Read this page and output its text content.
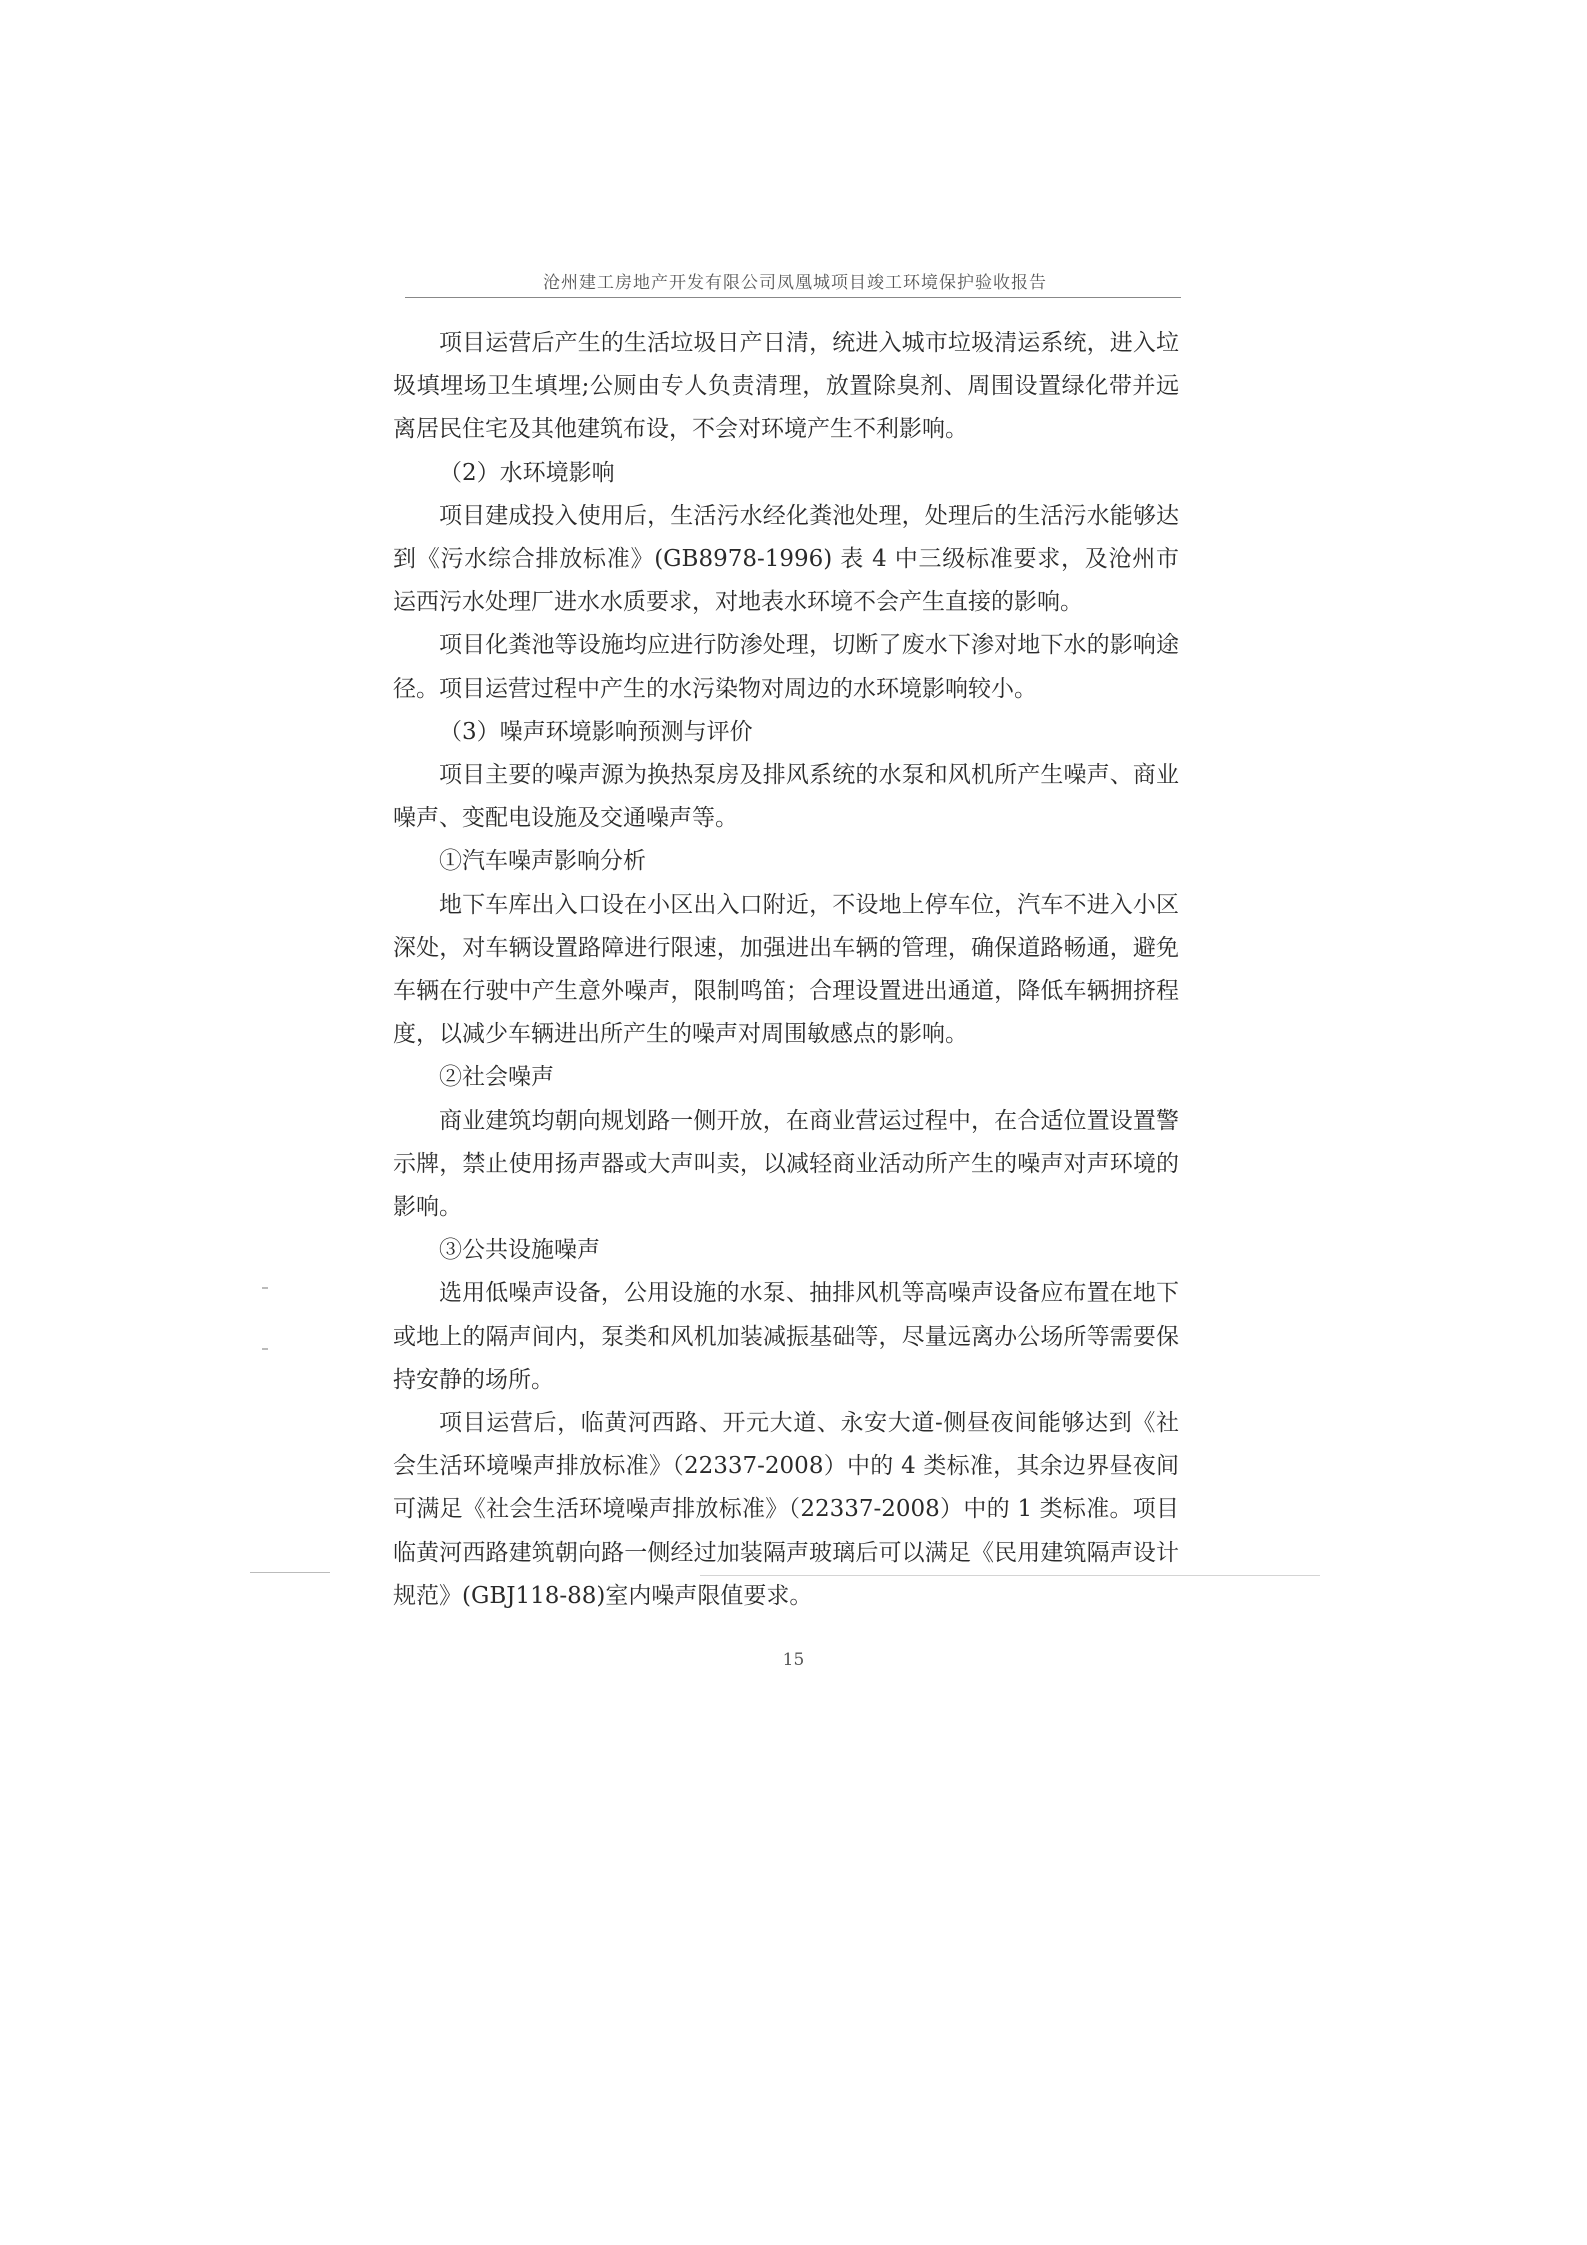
沧州建工房地产开发有限公司凤凰城项目竣工环境保护验收报告

项目运营后产生的生活垃圾日产日清，统进入城市垃圾清运系统，进入垃圾填埋场卫生填埋;公厕由专人负责清理，放置除臭剂、周围设置绿化带并远离居民住宅及其他建筑布设，不会对环境产生不利影响。

（2）水环境影响

项目建成投入使用后，生活污水经化粪池处理，处理后的生活污水能够达到《污水综合排放标准》(GB8978-1996) 表 4 中三级标准要求，及沧州市运西污水处理厂进水水质要求，对地表水环境不会产生直接的影响。

项目化粪池等设施均应进行防渗处理，切断了废水下渗对地下水的影响途径。项目运营过程中产生的水污染物对周边的水环境影响较小。

（3）噪声环境影响预测与评价

项目主要的噪声源为换热泵房及排风系统的水泵和风机所产生噪声、商业噪声、变配电设施及交通噪声等。

①汽车噪声影响分析

地下车库出入口设在小区出入口附近，不设地上停车位，汽车不进入小区深处，对车辆设置路障进行限速，加强进出车辆的管理，确保道路畅通，避免车辆在行驶中产生意外噪声，限制鸣笛；合理设置进出通道，降低车辆拥挤程度，以减少车辆进出所产生的噪声对周围敏感点的影响。

②社会噪声

商业建筑均朝向规划路一侧开放，在商业营运过程中，在合适位置设置警示牌，禁止使用扬声器或大声叫卖，以减轻商业活动所产生的噪声对声环境的影响。

③公共设施噪声

选用低噪声设备，公用设施的水泵、抽排风机等高噪声设备应布置在地下或地上的隔声间内，泵类和风机加装减振基础等，尽量远离办公场所等需要保持安静的场所。

项目运营后，临黄河西路、开元大道、永安大道-侧昼夜间能够达到《社会生活环境噪声排放标准》（22337-2008）中的 4 类标准，其余边界昼夜间可满足《社会生活环境噪声排放标准》（22337-2008）中的 1 类标准。项目临黄河西路建筑朝向路一侧经过加装隔声玻璃后可以满足《民用建筑隔声设计规范》(GBJ118-88)室内噪声限值要求。

15
